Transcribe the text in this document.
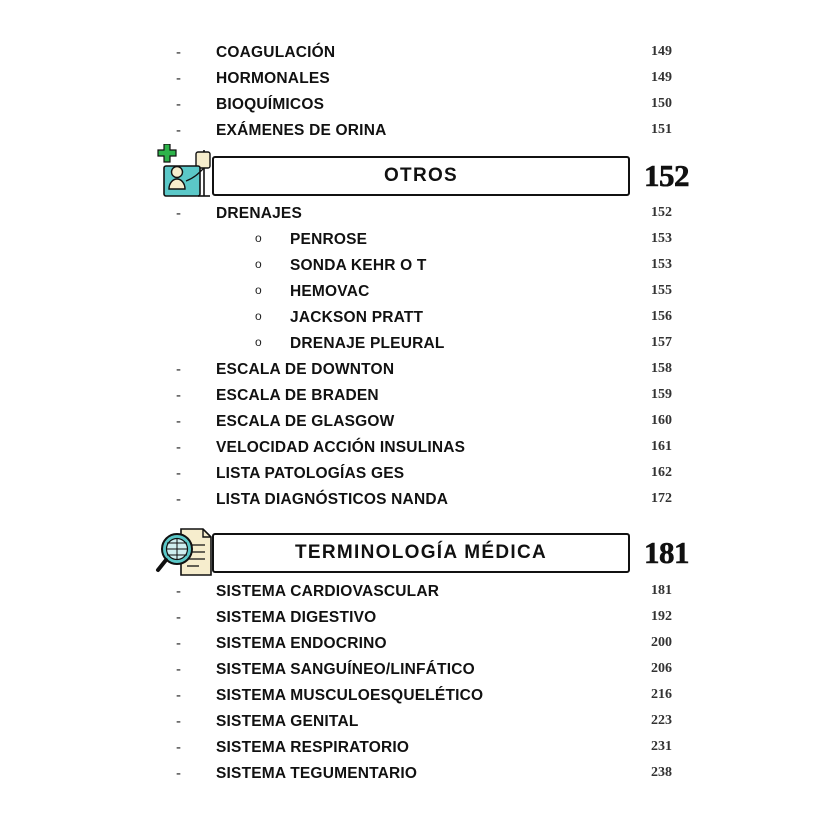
- COAGULACIÓN	149
- HORMONALES	149
- BIOQUÍMICOS	150
- EXÁMENES DE ORINA	151
OTROS	152
- DRENAJES	152
o PENROSE	153
o SONDA KEHR O T	153
o HEMOVAC	155
o JACKSON PRATT	156
o DRENAJE PLEURAL	157
- ESCALA DE DOWNTON	158
- ESCALA DE BRADEN	159
- ESCALA DE GLASGOW	160
- VELOCIDAD ACCIÓN INSULINAS	161
- LISTA PATOLOGÍAS GES	162
- LISTA DIAGNÓSTICOS NANDA	172
TERMINOLOGÍA MÉDICA	181
- SISTEMA CARDIOVASCULAR	181
- SISTEMA DIGESTIVO	192
- SISTEMA ENDOCRINO	200
- SISTEMA SANGUÍNEO/LINFÁTICO	206
- SISTEMA MUSCULOESQUELÉTICO	216
- SISTEMA GENITAL	223
- SISTEMA RESPIRATORIO	231
- SISTEMA TEGUMENTARIO	238
